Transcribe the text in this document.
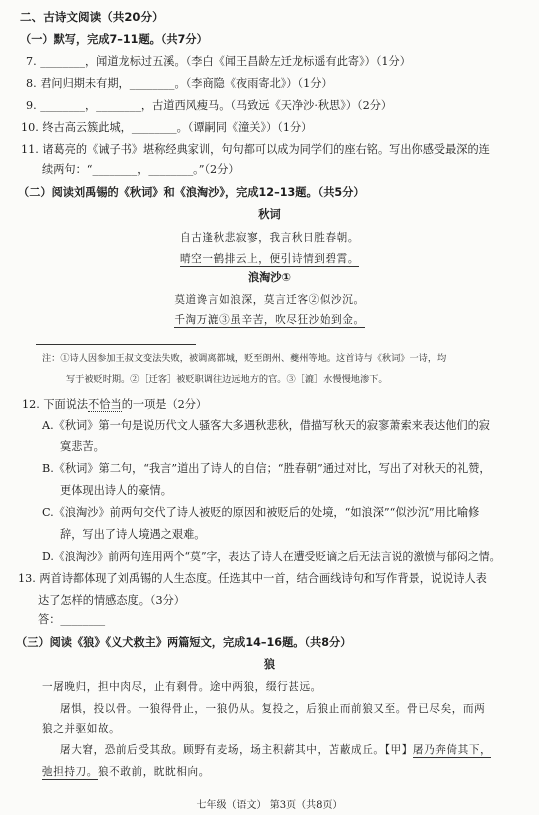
二、古诗文阅读（共20分）
（一）默写，完成7–11题。（共7分）
7. ________，闻道龙标过五溪。（李白《闻王昌龄左迁龙标遥有此寄》）（1分）
8. 君问归期未有期，________。（李商隐《夜雨寄北》）（1分）
9. ________，________，古道西风瘦马。（马致远《天净沙·秋思》）（2分）
10. 终古高云簇此城，________。（谭嗣同《潼关》）（1分）
11. 诸葛亮的《诫子书》堪称经典家训，句句都可以成为同学们的座右铭。写出你感受最深的连
续两句：“________，________。”（2分）
（二）阅读刘禹锡的《秋词》和《浪淘沙》，完成12–13题。（共5分）
秋词
自古逢秋悲寂寥，我言秋日胜春朝。
晴空一鹤排云上，便引诗情到碧霄。
浪淘沙①
莫道谗言如浪深，莫言迁客②似沙沉。
千淘万漉③虽辛苦，吹尽狂沙始到金。
注：①诗人因参加王叔文变法失败，被调离都城，贬至朗州、夔州等地。这首诗与《秋词》一诗，均
写于被贬时期。②［迁客］被贬职调往边远地方的官。③［漉］水慢慢地渗下。
12. 下面说法不恰当的一项是（2分）
A.《秋词》第一句是说历代文人骚客大多遇秋悲秋，借描写秋天的寂寥萧索来表达他们的寂
寞悲苦。
B.《秋词》第二句，“我言”道出了诗人的自信；“胜春朝”通过对比，写出了对秋天的礼赞，
更体现出诗人的豪情。
C.《浪淘沙》前两句交代了诗人被贬的原因和被贬后的处境，“如浪深”“似沙沉”用比喻修
辞，写出了诗人境遇之艰难。
D.《浪淘沙》前两句连用两个“莫”字，表达了诗人在遭受贬谪之后无法言说的激愤与郁闷之情。
13. 两首诗都体现了刘禹锡的人生态度。任选其中一首，结合画线诗句和写作背景，说说诗人表
达了怎样的情感态度。（3分）
答：________
（三）阅读《狼》《义犬救主》两篇短文，完成14–16题。（共8分）
狼
一屠晚归，担中肉尽，止有剩骨。途中两狼，缀行甚远。
屠惧，投以骨。一狼得骨止，一狼仍从。复投之，后狼止而前狼又至。骨已尽矣，而两
狼之并驱如故。
屠大窘，恐前后受其敌。顾野有麦场，场主积薪其中，苫蔽成丘。【甲】屠乃奔倚其下，
弛担持刀。狼不敢前，眈眈相向。
七年级（语文） 第3页（共8页）
